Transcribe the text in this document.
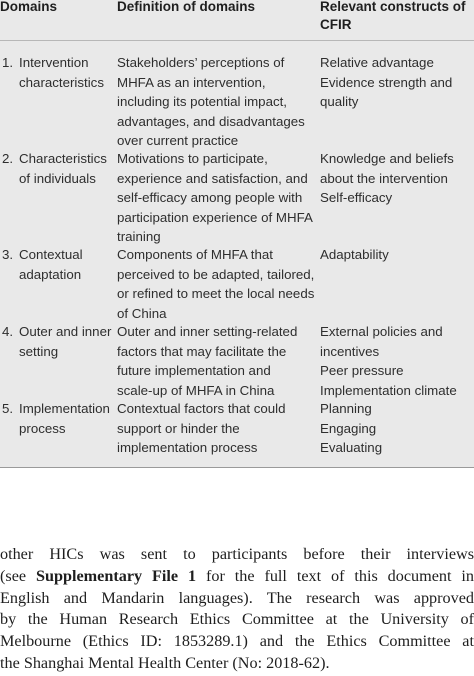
Domains	Definition of domains	Relevant constructs of
CFIR
1. Intervention
characteristics
Stakeholders’ perceptions of
MHFA as an intervention,
including its potential impact,
advantages, and disadvantages
over current practice
Relative advantage
Evidence strength and
quality
2. Characteristics
of individuals
Motivations to participate,
experience and satisfaction, and
self-efficacy among people with
participation experience of MHFA
training
Knowledge and beliefs
about the intervention
Self-efficacy
3. Contextual
adaptation
Components of MHFA that
perceived to be adapted, tailored,
or refined to meet the local needs
of China
Adaptability
4. Outer and inner
setting
Outer and inner setting-related
factors that may facilitate the
future implementation and
scale-up of MHFA in China
External policies and
incentives
Peer pressure
Implementation climate
5. Implementation
process
Contextual factors that could
support or hinder the
implementation process
Planning
Engaging
Evaluating
other HICs was sent to participants before their interviews
(see Supplementary File 1 for the full text of this document in
English and Mandarin languages). The research was approved
by the Human Research Ethics Committee at the University of
Melbourne (Ethics ID: 1853289.1) and the Ethics Committee at
the Shanghai Mental Health Center (No: 2018-62).
